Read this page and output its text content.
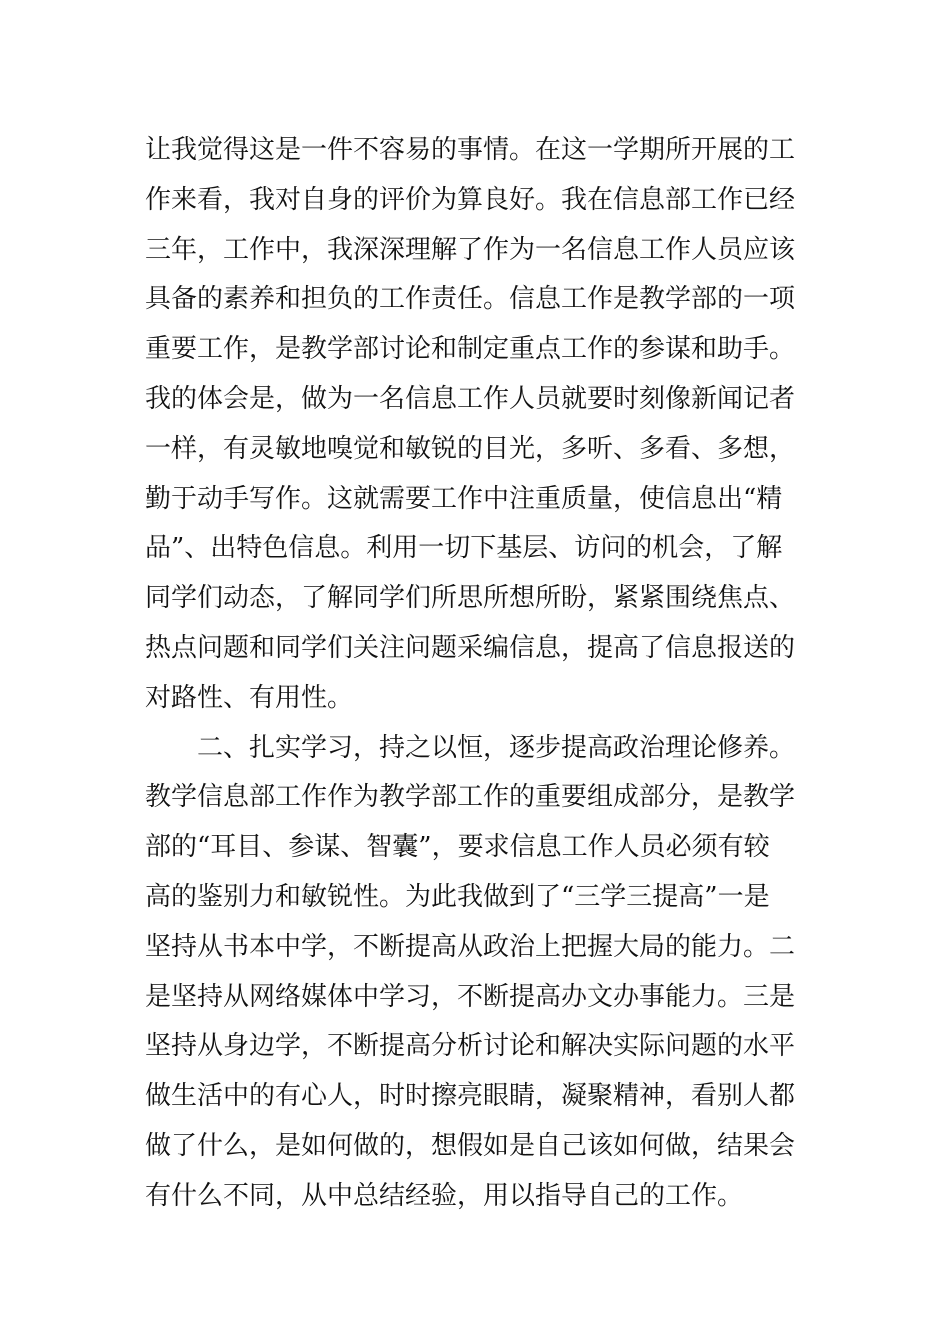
让我觉得这是一件不容易的事情。在这一学期所开展的工
作来看，我对自身的评价为算良好。我在信息部工作已经
三年，工作中，我深深理解了作为一名信息工作人员应该
具备的素养和担负的工作责任。信息工作是教学部的一项
重要工作，是教学部讨论和制定重点工作的参谋和助手。
我的体会是，做为一名信息工作人员就要时刻像新闻记者
一样，有灵敏地嗅觉和敏锐的目光，多听、多看、多想，
勤于动手写作。这就需要工作中注重质量，使信息出“精
品”、出特色信息。利用一切下基层、访问的机会，了解
同学们动态，了解同学们所思所想所盼，紧紧围绕焦点、
热点问题和同学们关注问题采编信息，提高了信息报送的
对路性、有用性。
二、扎实学习，持之以恒，逐步提高政治理论修养。
教学信息部工作作为教学部工作的重要组成部分，是教学
部的“耳目、参谋、智囊”，要求信息工作人员必须有较
高的鉴别力和敏锐性。为此我做到了“三学三提高”一是
坚持从书本中学，不断提高从政治上把握大局的能力。二
是坚持从网络媒体中学习，不断提高办文办事能力。三是
坚持从身边学，不断提高分析讨论和解决实际问题的水平
做生活中的有心人，时时擦亮眼睛，凝聚精神，看别人都
做了什么，是如何做的，想假如是自己该如何做，结果会
有什么不同，从中总结经验，用以指导自己的工作。
